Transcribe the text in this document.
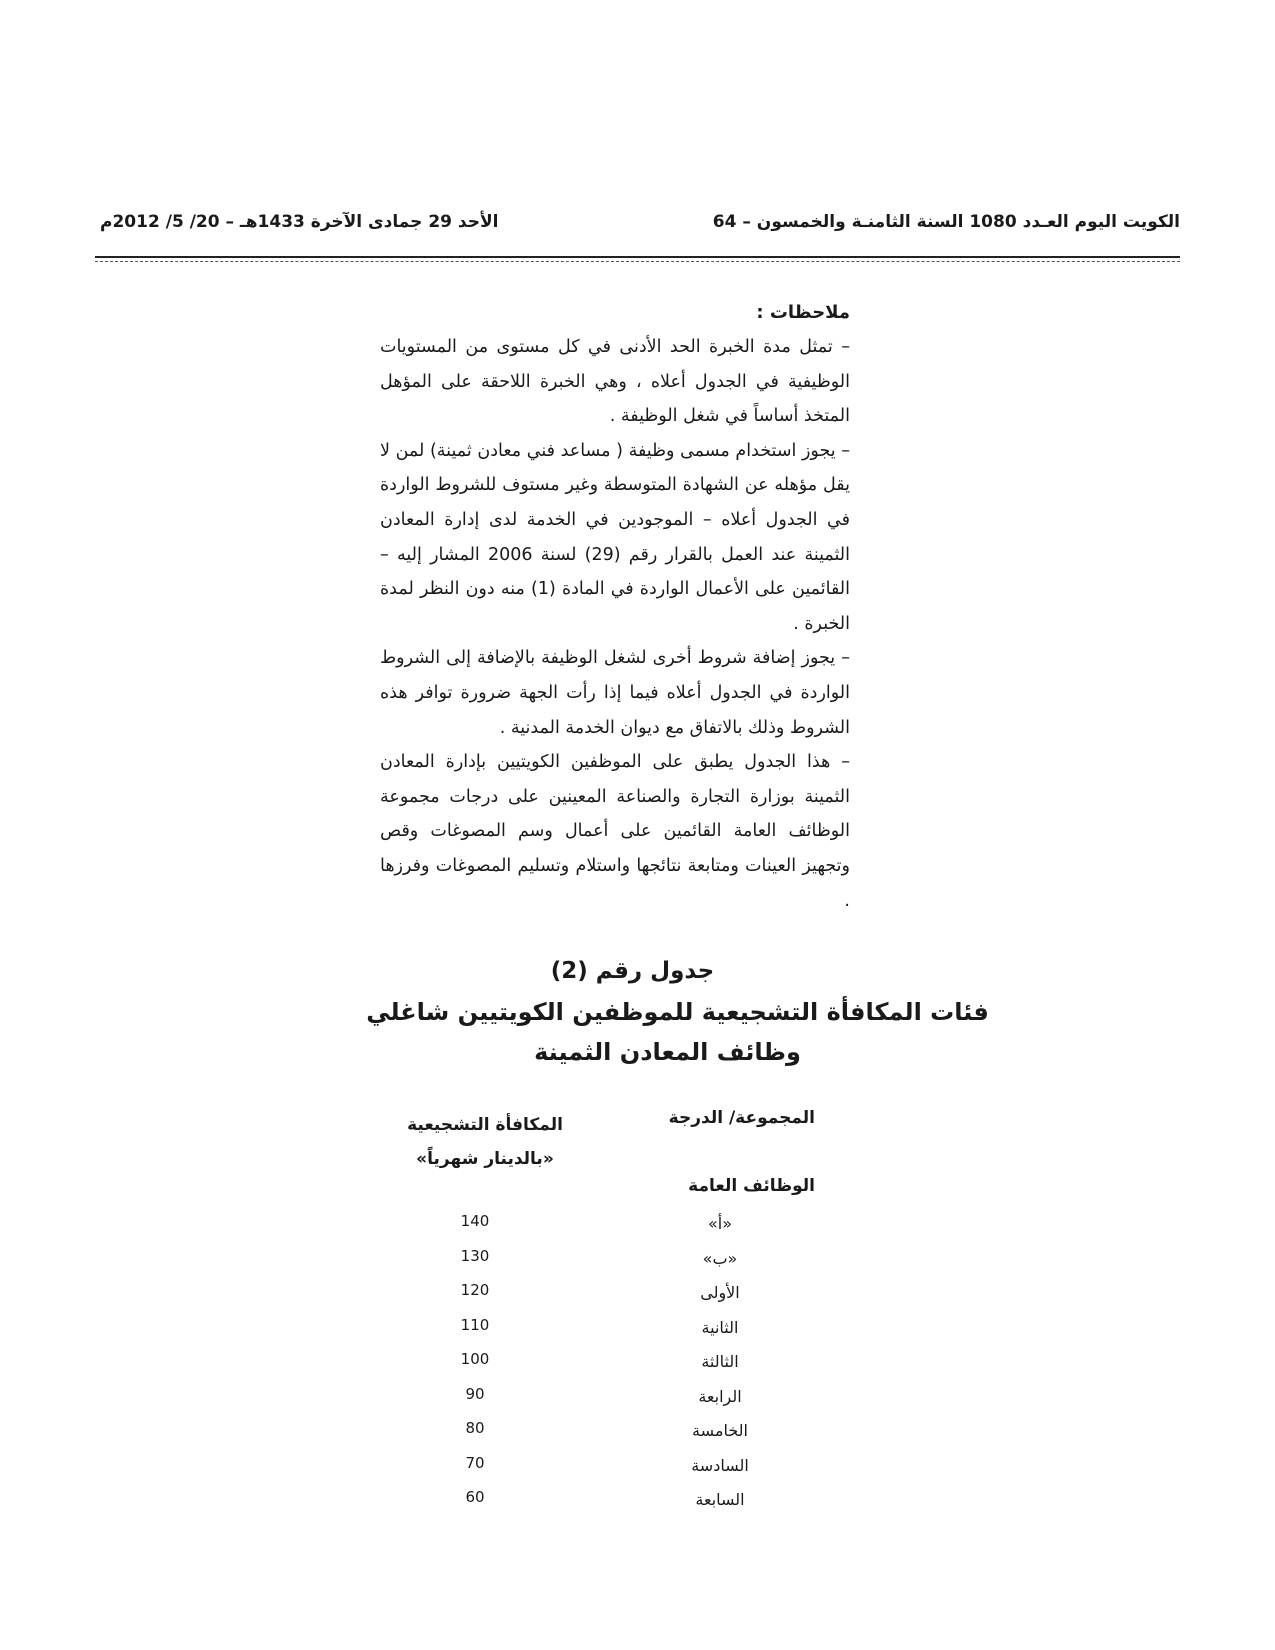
الكويت اليوم العـدد 1080 السنة الثامنـة والخمسون – 64
الأحد 29 جمادى الآخرة 1433هـ – 20/ 5/ 2012م
ملاحظات :

– تمثل مدة الخبرة الحد الأدنى في كل مستوى من المستويات الوظيفية في الجدول أعلاه ، وهي الخبرة اللاحقة على المؤهل المتخذ أساساً في شغل الوظيفة .

– يجوز استخدام مسمى وظيفة ( مساعد فني معادن ثمينة) لمن لا يقل مؤهله عن الشهادة المتوسطة وغير مستوف للشروط الواردة في الجدول أعلاه – الموجودين في الخدمة لدى إدارة المعادن الثمينة عند العمل بالقرار رقم (29) لسنة 2006 المشار إليه – القائمين على الأعمال الواردة في المادة (1) منه دون النظر لمدة الخبرة .

– يجوز إضافة شروط أخرى لشغل الوظيفة بالإضافة إلى الشروط الواردة في الجدول أعلاه فيما إذا رأت الجهة ضرورة توافر هذه الشروط وذلك بالاتفاق مع ديوان الخدمة المدنية .

– هذا الجدول يطبق على الموظفين الكويتيين بإدارة المعادن الثمينة بوزارة التجارة والصناعة المعينين على درجات مجموعة الوظائف العامة القائمين على أعمال وسم المصوغات وقص وتجهيز العينات ومتابعة نتائجها واستلام وتسليم المصوغات وفرزها .

جدول رقم (2)
فئات المكافأة التشجيعية للموظفين الكويتيين شاغلي
وظائف المعادن الثمينة
المجموعة/ الدرجة
المكافأة التشجيعية
«بالدينار شهرياً»
الوظائف العامة
«أ»
140
«ب»
130
الأولى
120
الثانية
110
الثالثة
100
الرابعة
90
الخامسة
80
السادسة
70
السابعة
60
